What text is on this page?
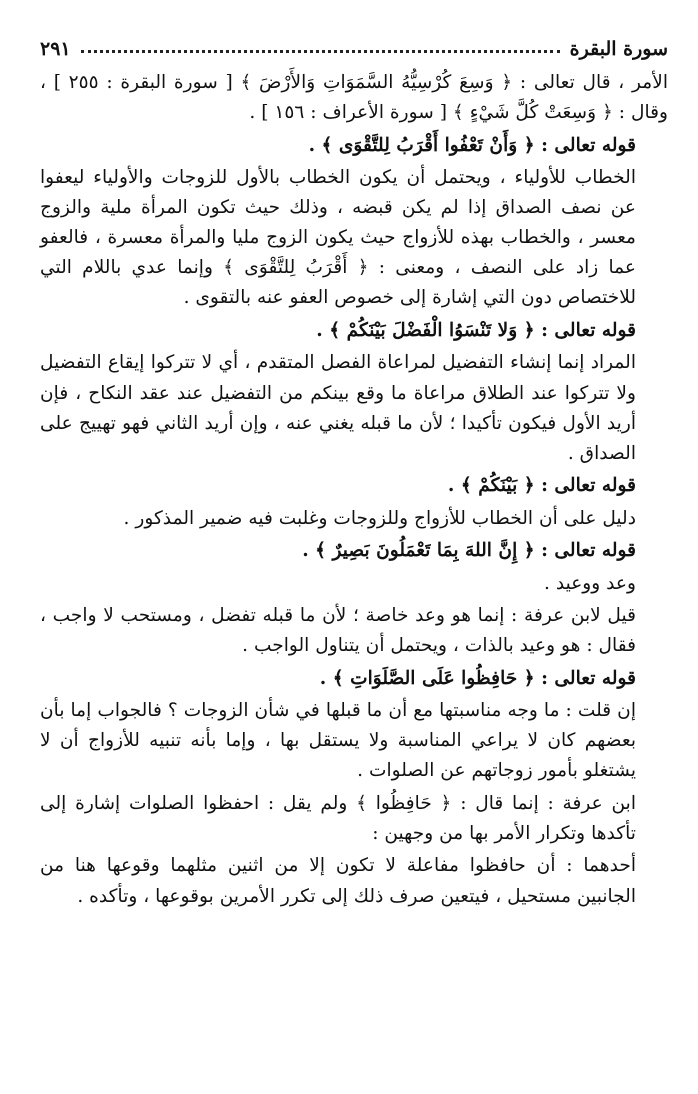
سورة البقرة
٢٩١

الأمر ، قال تعالى : ﴿ وَسِعَ كُرْسِيُّهُ السَّمَوَاتِ وَالأَرْضَ ﴾ [ سورة البقرة : ٢٥٥ ] ، وقال : ﴿ وَسِعَتْ كُلَّ شَيْءٍ ﴾ [ سورة الأعراف : ١٥٦ ] .

قوله تعالى : ﴿ وَأَنْ تَعْفُوا أَقْرَبُ لِلتَّقْوَى ﴾ .

الخطاب للأولياء ، ويحتمل أن يكون الخطاب بالأول للزوجات والأولياء ليعفوا عن نصف الصداق إذا لم يكن قبضه ، وذلك حيث تكون المرأة ملية والزوج معسر ، والخطاب بهذه للأزواج حيث يكون الزوج مليا والمرأة معسرة ، فالعفو عما زاد على النصف ، ومعنى : ﴿ أَقْرَبُ لِلتَّقْوَى ﴾ وإنما عدي باللام التي للاختصاص دون التي إشارة إلى خصوص العفو عنه بالتقوى .

قوله تعالى : ﴿ وَلا تَنْسَوُا الْفَضْلَ بَيْنَكُمْ ﴾ .

المراد إنما إنشاء التفضيل لمراعاة الفصل المتقدم ، أي لا تتركوا إيقاع التفضيل ولا تتركوا عند الطلاق مراعاة ما وقع بينكم من التفضيل عند عقد النكاح ، فإن أريد الأول فيكون تأكيدا ؛ لأن ما قبله يغني عنه ، وإن أريد الثاني فهو تهييج على الصداق .

قوله تعالى : ﴿ بَيْنَكُمْ ﴾ .

دليل على أن الخطاب للأزواج وللزوجات وغلبت فيه ضمير المذكور .

قوله تعالى : ﴿ إِنَّ اللهَ بِمَا تَعْمَلُونَ بَصِيرٌ ﴾ .

وعد ووعيد .

قيل لابن عرفة : إنما هو وعد خاصة ؛ لأن ما قبله تفضل ، ومستحب لا واجب ، فقال : هو وعيد بالذات ، ويحتمل أن يتناول الواجب .

قوله تعالى : ﴿ حَافِظُوا عَلَى الصَّلَوَاتِ ﴾ .

إن قلت : ما وجه مناسبتها مع أن ما قبلها في شأن الزوجات ؟ فالجواب إما بأن بعضهم كان لا يراعي المناسبة ولا يستقل بها ، وإما بأنه تنبيه للأزواج أن لا يشتغلو بأمور زوجاتهم عن الصلوات .

ابن عرفة : إنما قال : ﴿ حَافِظُوا ﴾ ولم يقل : احفظوا الصلوات إشارة إلى تأكدها وتكرار الأمر بها من وجهين :

أحدهما : أن حافظوا مفاعلة لا تكون إلا من اثنين مثلهما وقوعها هنا من الجانبين مستحيل ، فيتعين صرف ذلك إلى تكرر الأمرين بوقوعها ، وتأكده .
